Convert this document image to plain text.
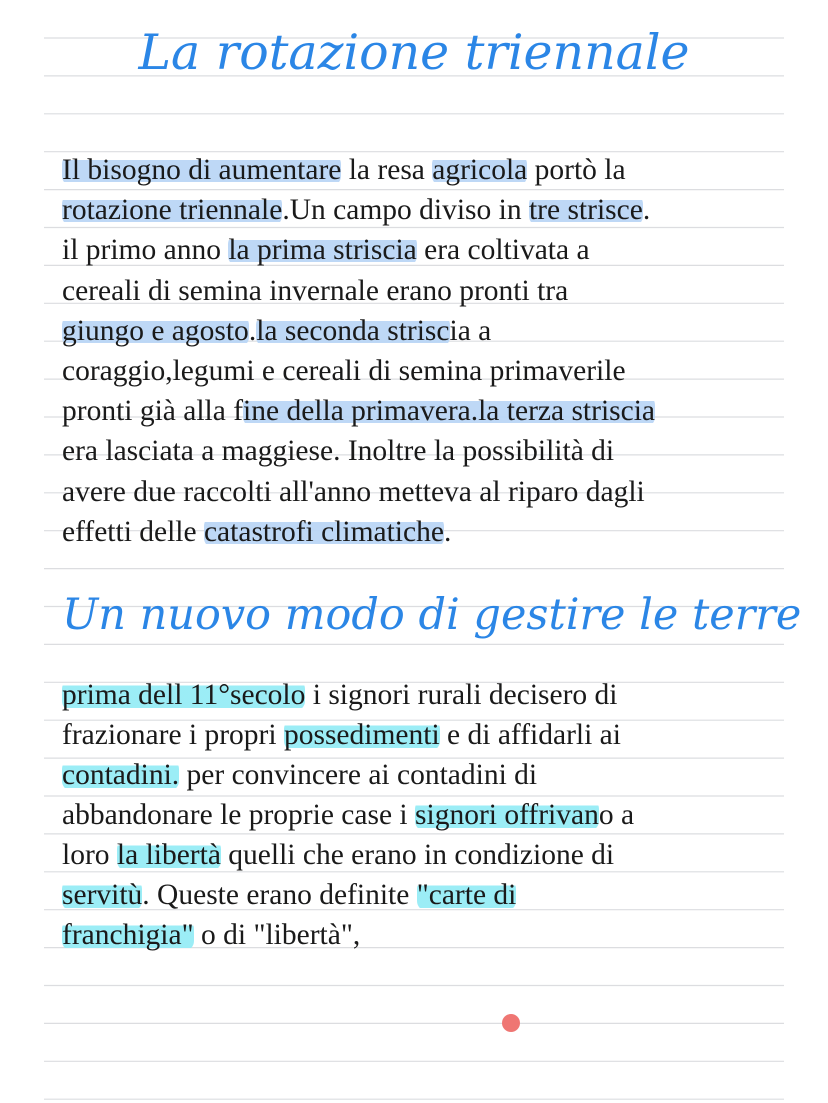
La rotazione triennale
Il bisogno di aumentare la resa agricola portò la
rotazione triennale.Un campo diviso in tre strisce.
il primo anno la prima striscia era coltivata a
cereali di semina invernale erano pronti tra
giungo e agosto.la seconda striscia a
coraggio,legumi e cereali di semina primaverile
pronti già alla fine della primavera.la terza striscia
era lasciata a maggiese. Inoltre la possibilità di
avere due raccolti all'anno metteva al riparo dagli
effetti delle catastrofi climatiche.
Un nuovo modo di gestire le terre
prima dell 11°secolo i signori rurali decisero di
frazionare i propri possedimenti e di affidarli ai
contadini. per convincere ai contadini di
abbandonare le proprie case i signori offrivano a
loro la libertà quelli che erano in condizione di
servitù. Queste erano definite "carte di
franchigia" o di "libertà",
